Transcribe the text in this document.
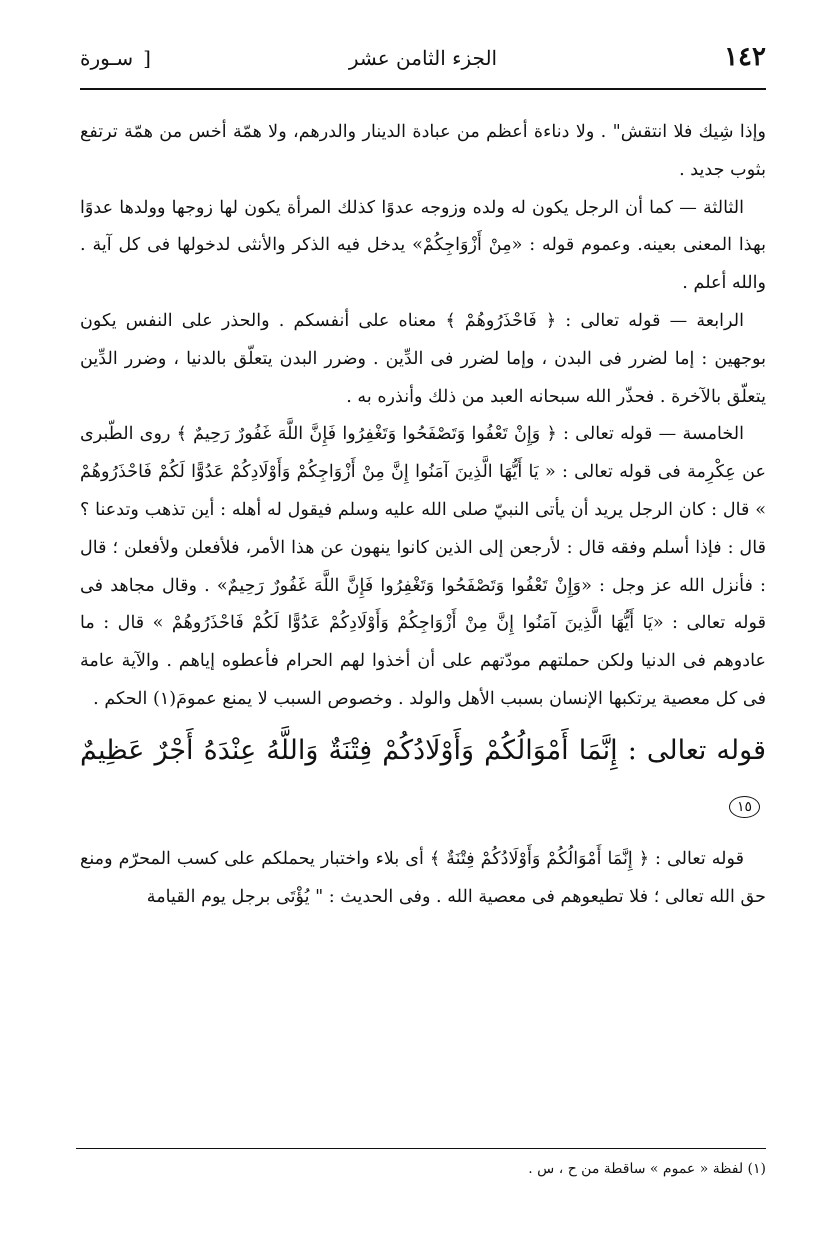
١٤٢
الجزء الثامن عشر
[سـورة

وإذا شِيك فلا انتقش" . ولا دناءة أعظم من عبادة الدينار والدرهم، ولا همّة أخس من همّة ترتفع بثوب جديد .

الثالثة — كما أن الرجل يكون له ولده وزوجه عدوًا كذلك المرأة يكون لها زوجها وولدها عدوًا بهذا المعنى بعينه. وعموم قوله : «مِنْ أَزْوَاجِكُمْ» يدخل فيه الذكر والأنثى لدخولها فى كل آية . والله أعلم .

الرابعة — قوله تعالى : ﴿ فَاحْذَرُوهُمْ ﴾ معناه على أنفسكم . والحذر على النفس يكون بوجهين : إما لضرر فى البدن ، وإما لضرر فى الدِّين . وضرر البدن يتعلّق بالدنيا ، وضرر الدِّين يتعلّق بالآخرة . فحذّر الله سبحانه العبد من ذلك وأنذره به .

الخامسة — قوله تعالى : ﴿ وَإِنْ تَعْفُوا وَتَصْفَحُوا وَتَغْفِرُوا فَإِنَّ اللَّهَ غَفُورٌ رَحِيمٌ ﴾ روى الطّبرى عن عِكْرِمة فى قوله تعالى : « يَا أَيُّهَا الَّذِينَ آمَنُوا إِنَّ مِنْ أَزْوَاجِكُمْ وَأَوْلَادِكُمْ عَدُوًّا لَكُمْ فَاحْذَرُوهُمْ » قال : كان الرجل يريد أن يأتى النبيّ صلى الله عليه وسلم فيقول له أهله : أين تذهب وتدعنا ؟ قال : فإذا أسلم وفقه قال : لأرجعن إلى الذين كانوا ينهون عن هذا الأمر، فلأفعلن ولأفعلن ؛ قال : فأنزل الله عز وجل : «وَإِنْ تَعْفُوا وَتَصْفَحُوا وَتَغْفِرُوا فَإِنَّ اللَّهَ غَفُورٌ رَحِيمٌ» . وقال مجاهد فى قوله تعالى : «يَا أَيُّهَا الَّذِينَ آمَنُوا إِنَّ مِنْ أَزْوَاجِكُمْ وَأَوْلَادِكُمْ عَدُوًّا لَكُمْ فَاحْذَرُوهُمْ » قال : ما عادوهم فى الدنيا ولكن حملتهم مودّتهم على أن أخذوا لهم الحرام فأعطوه إياهم . والآية عامة فى كل معصية يرتكبها الإنسان بسبب الأهل والولد . وخصوص السبب لا يمنع عمومَ(١) الحكم .

قوله تعالى : إِنَّمَا أَمْوَالُكُمْ وَأَوْلَادُكُمْ فِتْنَةٌ وَاللَّهُ عِنْدَهُ أَجْرٌ عَظِيمٌ ١٥

قوله تعالى : ﴿ إِنَّمَا أَمْوَالُكُمْ وَأَوْلَادُكُمْ فِتْنَةٌ ﴾ أى بلاء واختبار يحملكم على كسب المحرّم ومنع حق الله تعالى ؛ فلا تطيعوهم فى معصية الله . وفى الحديث : " يُؤْتَى برجل يوم القيامة

(١) لفظة « عموم » ساقطة من ح ، س .
